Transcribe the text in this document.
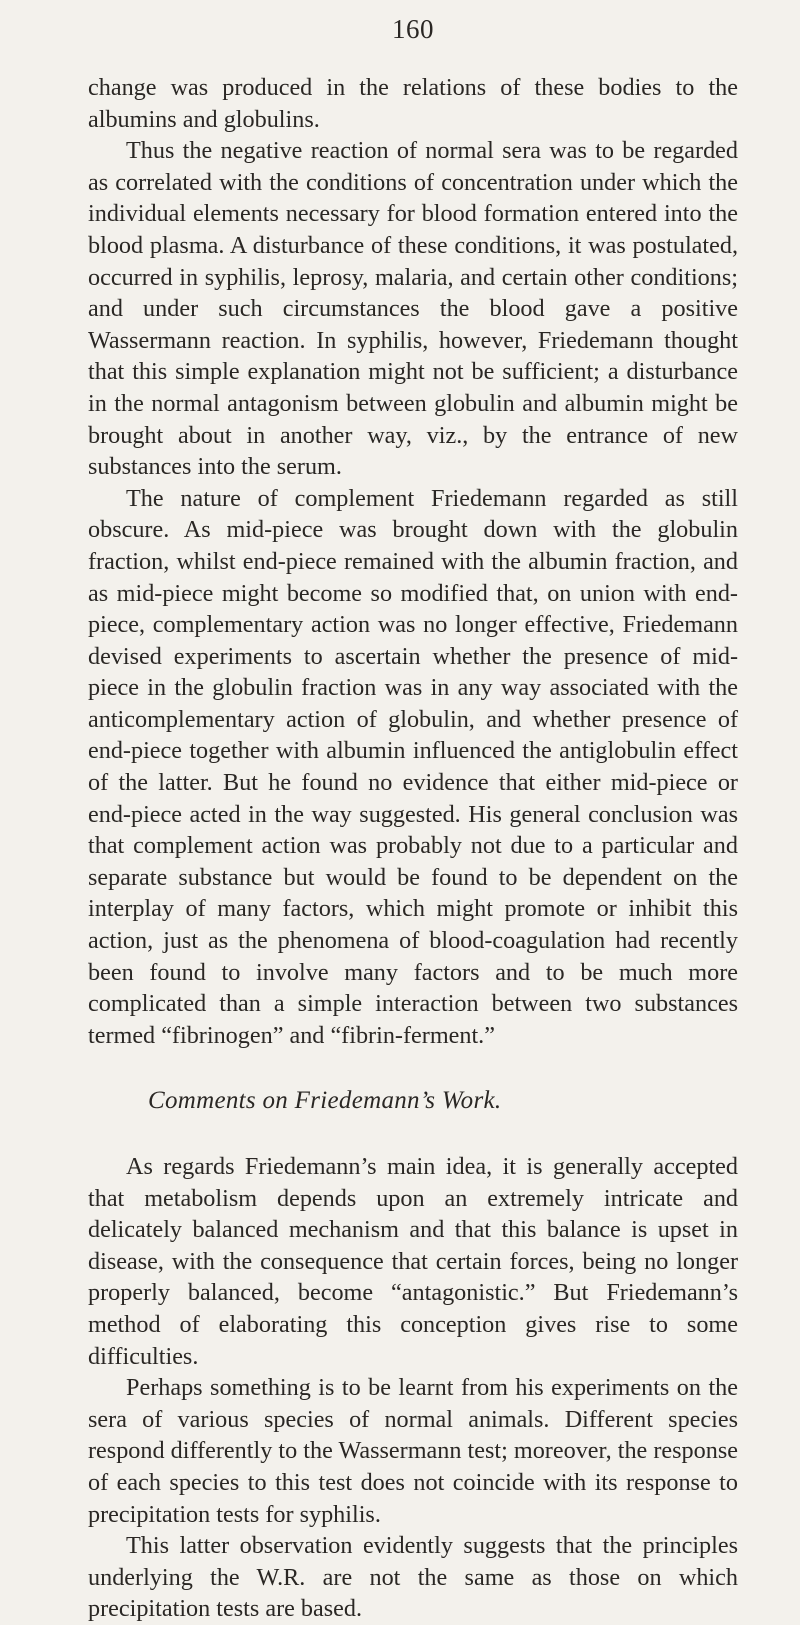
160

change was produced in the relations of these bodies to the albumins and globulins.

Thus the negative reaction of normal sera was to be regarded as correlated with the conditions of concentration under which the individual elements necessary for blood formation entered into the blood plasma. A disturbance of these conditions, it was postulated, occurred in syphilis, leprosy, malaria, and certain other conditions; and under such circumstances the blood gave a positive Wassermann reaction. In syphilis, however, Friedemann thought that this simple explanation might not be sufficient; a disturbance in the normal antagonism between globulin and albumin might be brought about in another way, viz., by the entrance of new substances into the serum.

The nature of complement Friedemann regarded as still obscure. As mid-piece was brought down with the globulin fraction, whilst end-piece remained with the albumin fraction, and as mid-piece might become so modified that, on union with end-piece, complementary action was no longer effective, Friedemann devised experiments to ascertain whether the presence of mid-piece in the globulin fraction was in any way associated with the anticomplementary action of globulin, and whether presence of end-piece together with albumin influenced the antiglobulin effect of the latter. But he found no evidence that either mid-piece or end-piece acted in the way suggested. His general conclusion was that complement action was probably not due to a particular and separate substance but would be found to be dependent on the interplay of many factors, which might promote or inhibit this action, just as the phenomena of blood-coagulation had recently been found to involve many factors and to be much more complicated than a simple interaction between two substances termed “fibrinogen” and “fibrin-ferment.”

Comments on Friedemann’s Work.

As regards Friedemann’s main idea, it is generally accepted that metabolism depends upon an extremely intricate and delicately balanced mechanism and that this balance is upset in disease, with the consequence that certain forces, being no longer properly balanced, become “antagonistic.” But Friedemann’s method of elaborating this conception gives rise to some difficulties.

Perhaps something is to be learnt from his experiments on the sera of various species of normal animals. Different species respond differently to the Wassermann test; moreover, the response of each species to this test does not coincide with its response to precipitation tests for syphilis.

This latter observation evidently suggests that the principles underlying the W.R. are not the same as those on which precipitation tests are based.
